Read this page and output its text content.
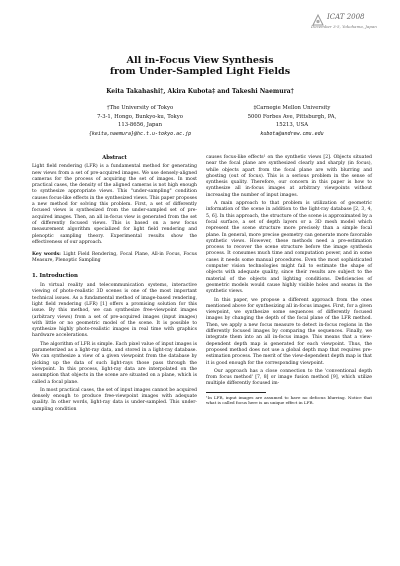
ICAT 2008
December 3-5, Yokohama, Japan
All in-Focus View Synthesis
from Under-Sampled Light Fields
Keita Takahashi†, Akira Kubota‡ and Takeshi Naemura†
†The University of Tokyo
7-3-1, Hongo, Bunkyo-ku, Tokyo
113-8656, Japan
{keita,naemura}@hc.t.u-tokyo.ac.jp
‡Carnegie Mellon University
5000 Forbes Ave, Pittsburgh, PA,
15213, USA
kubota@andrew.cmu.edu
Abstract

Light field rendering (LFR) is a fundamental method for generating new views from a set of pre-acquired images. We use densely-aligned cameras for the process of acquiring the set of images. In most practical cases, the density of the aligned cameras is not high enough to synthesize appropriate views. This "under-sampling" condition causes focus-like effects in the synthesized views. This paper proposes a new method for solving this problem. First, a set of differently focused views is synthesized from the under-sampled set of pre-acquired images. Then, an all in-focus view is generated from the set of differently focused views. This is based on a new focus measurement algorithm specialized for light field rendering and plenoptic sampling theory. Experimental results show the effectiveness of our approach.

Key words: Light Field Rendering, Focal Plane, All-in Focus, Focus Measure, Plenoptic Sampling

1. Introduction

In virtual reality and telecommunication systems, interactive viewing of photo-realistic 3D scenes is one of the most important technical issues. As a fundamental method of image-based rendering, light field rendering (LFR) [1] offers a promising solution for this issue. By this method, we can synthesize free-viewpoint images (arbitrary views) from a set of pre-acquired images (input images) with little or no geometric model of the scene. It is possible to synthesize highly photo-realistic images in real time with graphics hardware accelerations.

The algorithm of LFR is simple. Each pixel value of input images is parameterized as a light-ray data, and stored in a light-ray database. We can synthesize a view of a given viewpoint from the database by picking up the data of such light-rays those pass through the viewpoint. In this process, light-ray data are interpolated on the assumption that objects in the scene are situated on a plane, which is called a focal plane.

In most practical cases, the set of input images cannot be acquired densely enough to produce free-viewpoint images with adequate quality. In other words, light-ray data is under-sampled. This under-sampling condition

causes focus-like effects¹ on the synthetic views [2]. Objects situated near the focal plane are synthesized clearly and sharply (in focus), while objects apart from the focal plane are with blurring and ghosting (out of focus). This is a serious problem in the sense of synthesis quality. Therefore, our concern in this paper is how to synthesize all in-focus images at arbitrary viewpoints without increasing the number of input images.

A main approach to that problem is utilization of geometric information of the scene in addition to the light-ray database [2, 3, 4, 5, 6]. In this approach, the structure of the scene is approximated by a focal surface, a set of depth layers or a 3D mesh model which represent the scene structure more precisely than a simple focal plane. In general, more precise geometry can generate more favorable synthetic views. However, these methods need a pre-estimation process to recover the scene structure before the image synthesis process. It consumes much time and computation power, and in some cases it needs some manual procedures. Even the most sophisticated computer vision technologies might fail to estimate the shape of objects with adequate quality, since their results are subject to the material of the objects and lighting conditions. Deficiencies of geometric models would cause highly visible holes and seams in the synthetic views.

In this paper, we propose a different approach from the ones mentioned above for synthesizing all in-focus images. First, for a given viewpoint, we synthesize some sequences of differently focused images by changing the depth of the focal plane of the LFR method. Then, we apply a new focus measure to detect in-focus regions in the differently focused images by comparing the sequences. Finally, we integrate them into an all in-focus image. This means that a view-dependent depth map is generated for each viewpoint. Thus, the proposed method does not use a global depth map that requires pre-estimation process. The merit of the view-dependent depth map is that it is good enough for the corresponding viewpoint.

Our approach has a close connection to the 'conventional depth from focus method' [7, 8] or image fusion method [9], which utilize multiple differently focused im-

¹In LFR, input images are assumed to have no defocus blurring. Notice that what is called focus here is an unique effect in LFR.
